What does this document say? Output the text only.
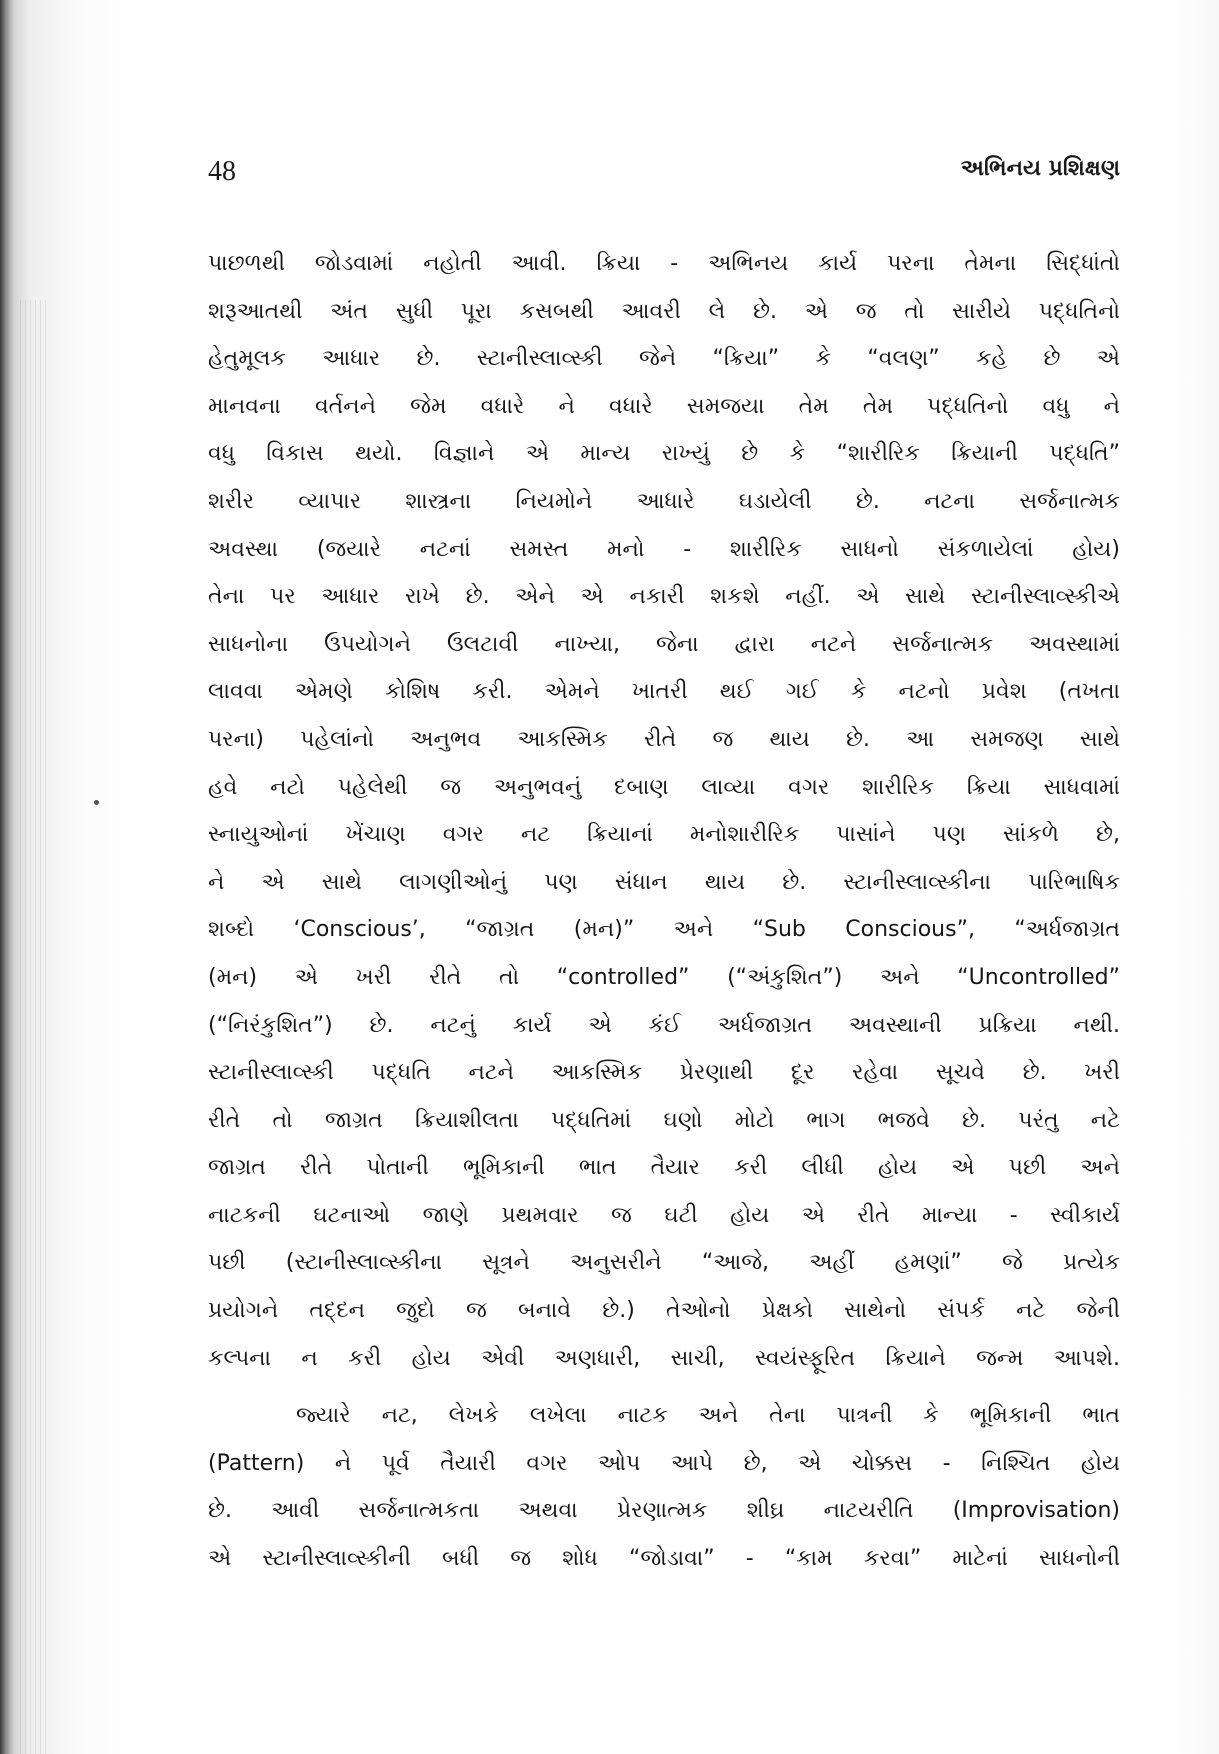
48	અભિનય પ્રશિક્ષણ
પાછળથી જોડવામાં નહોતી આવી. ક્રિયા - અભિનય કાર્ય પરના તેમના સિદ્ધાંતો
શરૂઆતથી અંત સુધી પૂરા કસબથી આવરી લે છે. એ જ તો સારીયે પદ્ધતિનો
હેતુમૂલક આધાર છે. સ્ટાનીસ્લાવ્સ્કી જેને “ક્રિયા” કે “વલણ” કહે છે એ
માનવના વર્તનને જેમ વધારે ને વધારે સમજયા તેમ તેમ પદ્ધતિનો વધુ ને
વધુ વિકાસ થયો. વિજ્ઞાને એ માન્ય રાખ્યું છે કે “શારીરિક ક્રિયાની પદ્ધતિ”
શરીર વ્યાપાર શાસ્ત્રના નિયમોને આધારે ઘડાયેલી છે. નટના સર્જનાત્મક
અવસ્થા (જયારે નટનાં સમસ્ત મનો - શારીરિક સાધનો સંકળાયેલાં હોય)
તેના પર આધાર રાખે છે. એને એ નકારી શકશે નહીં. એ સાથે સ્ટાનીસ્લાવ્સ્કીએ
સાધનોના ઉપયોગને ઉલટાવી નાખ્યા, જેના દ્વારા નટને સર્જનાત્મક અવસ્થામાં
લાવવા એમણે કોશિષ કરી. એમને ખાતરી થઈ ગઈ કે નટનો પ્રવેશ (તખતા
પરના) પહેલાંનો અનુભવ આકસ્મિક રીતે જ થાય છે. આ સમજણ સાથે
હવે નટો પહેલેથી જ અનુભવનું દબાણ લાવ્યા વગર શારીરિક ક્રિયા સાધવામાં
સ્નાયુઓનાં ખેંચાણ વગર નટ ક્રિયાનાં મનોશારીરિક પાસાંને પણ સાંકળે છે,
ને એ સાથે લાગણીઓનું પણ સંધાન થાય છે. સ્ટાનીસ્લાવ્સ્કીના પારિભાષિક
શબ્દો ‘Conscious’, “જાગ્રત (મન)” અને “Sub Conscious”, “અર્ધજાગ્રત
(મન) એ ખરી રીતે તો “controlled” (“અંકુશિત”) અને “Uncontrolled”
(“નિરંકુશિત”) છે. નટનું કાર્ય એ કંઈ અર્ધજાગ્રત અવસ્થાની પ્રક્રિયા નથી.
સ્ટાનીસ્લાવ્સ્કી પદ્ધતિ નટને આકસ્મિક પ્રેરણાથી દૂર રહેવા સૂચવે છે. ખરી
રીતે તો જાગ્રત ક્રિયાશીલતા પદ્ધતિમાં ઘણો મોટો ભાગ ભજવે છે. પરંતુ નટે
જાગ્રત રીતે પોતાની ભૂમિકાની ભાત તૈયાર કરી લીધી હોય એ પછી અને
નાટકની ઘટનાઓ જાણે પ્રથમવાર જ ઘટી હોય એ રીતે માન્યા - સ્વીકાર્ય
પછી (સ્ટાનીસ્લાવ્સ્કીના સૂત્રને અનુસરીને “આજે, અહીં હમણાં” જે પ્રત્યેક
પ્રયોગને તદ્દન જુદો જ બનાવે છે.) તેઓનો પ્રેક્ષકો સાથેનો સંપર્ક નટે જેની
કલ્પના ન કરી હોય એવી અણધારી, સાચી, સ્વયંસ્ફૂરિત ક્રિયાને જન્મ આપશે.
જ્યારે નટ, લેખકે લખેલા નાટક અને તેના પાત્રની કે ભૂમિકાની ભાત
(Pattern) ને પૂર્વ તૈયારી વગર ઓપ આપે છે, એ ચોક્કસ - નિશ્ચિત હોય
છે. આવી સર્જનાત્મકતા અથવા પ્રેરણાત્મક શીઘ્ર નાટયરીતિ (Improvisation)
એ સ્ટાનીસ્લાવ્સ્કીની બધી જ શોધ “જોડાવા” - “કામ કરવા” માટેનાં સાધનોની
